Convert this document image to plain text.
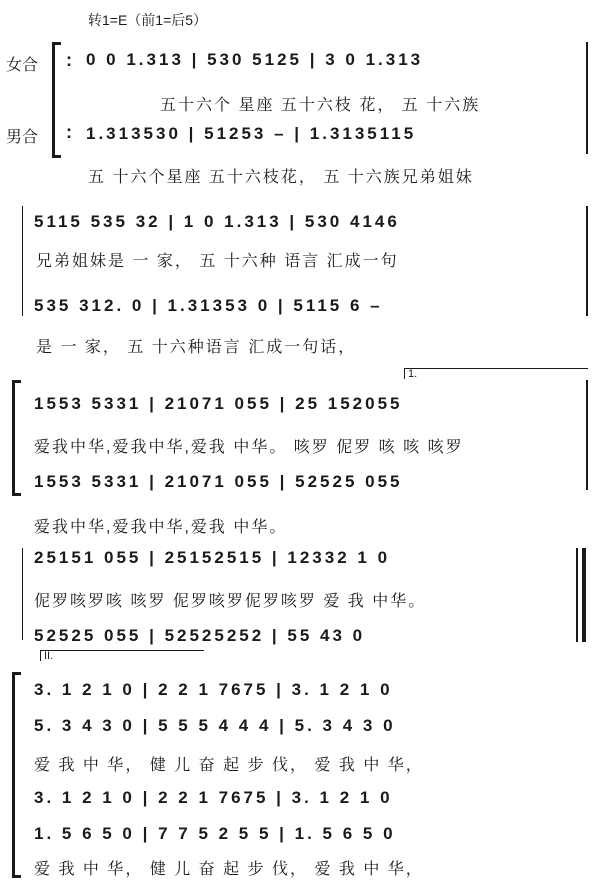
转1=E（前1=后5）
女合
男合
:
:
0 0 1.313 | 530 5125 | 3 0 1.313
五十六个 星座 五十六枝 花， 五 十六族
1.313530 | 51253 – | 1.3135115
五 十六个星座 五十六枝花， 五 十六族兄弟姐妹
5115 535 32 | 1 0 1.313 | 530 4146
兄弟姐妹是 一 家， 五 十六种 语言 汇成一句
535 312. 0 | 1.31353 0 | 5115 6 –
是 一 家， 五 十六种语言 汇成一句话，
1.
1553 5331 | 21071 055 | 25 152055
爱我中华,爱我中华,爱我 中华。 咳罗 伲罗 咳 咳 咳罗
1553 5331 | 21071 055 | 52525 055
爱我中华,爱我中华,爱我 中华。
25151 055 | 25152515 | 12332 1 0
伲罗咳罗咳 咳罗 伲罗咳罗伲罗咳罗 爱 我 中华。
52525 055 | 52525252 | 55 43 0
II.
3. 1 2 1 0 | 2 2 1 7675 | 3. 1 2 1 0
5. 3 4 3 0 | 5 5 5 4 4 4 | 5. 3 4 3 0
爱 我 中 华， 健 儿 奋 起 步 伐， 爱 我 中 华，
3. 1 2 1 0 | 2 2 1 7675 | 3. 1 2 1 0
1. 5 6 5 0 | 7 7 5 2 5 5 | 1. 5 6 5 0
爱 我 中 华， 健 儿 奋 起 步 伐， 爱 我 中 华，
